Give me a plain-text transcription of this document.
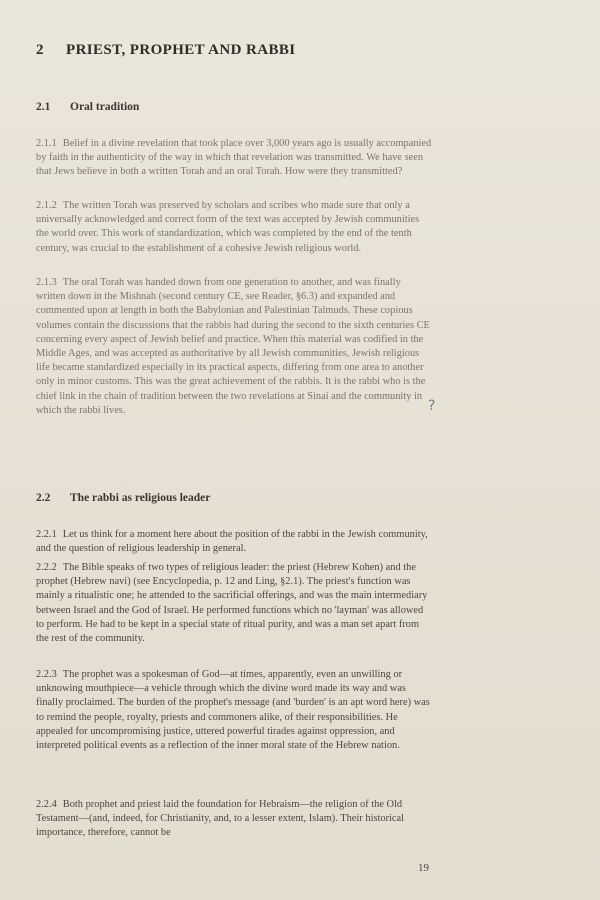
2 PRIEST, PROPHET AND RABBI
2.1 Oral tradition
2.1.1 Belief in a divine revelation that took place over 3,000 years ago is usually accompanied by faith in the authenticity of the way in which that revelation was transmitted. We have seen that Jews believe in both a written Torah and an oral Torah. How were they transmitted?
2.1.2 The written Torah was preserved by scholars and scribes who made sure that only a universally acknowledged and correct form of the text was accepted by Jewish communities the world over. This work of standardization, which was completed by the end of the tenth century, was crucial to the establishment of a cohesive Jewish religious world.
2.1.3 The oral Torah was handed down from one generation to another, and was finally written down in the Mishnah (second century CE, see Reader, §6.3) and expanded and commented upon at length in both the Babylonian and Palestinian Talmuds. These copious volumes contain the discussions that the rabbis had during the second to the sixth centuries CE concerning every aspect of Jewish belief and practice. When this material was codified in the Middle Ages, and was accepted as authoritative by all Jewish communities, Jewish religious life became standardized especially in its practical aspects, differing from one area to another only in minor customs. This was the great achievement of the rabbis. It is the rabbi who is the chief link in the chain of tradition between the two revelations at Sinai and the community in which the rabbi lives.	?
2.2 The rabbi as religious leader
2.2.1 Let us think for a moment here about the position of the rabbi in the Jewish community, and the question of religious leadership in general.
2.2.2 The Bible speaks of two types of religious leader: the priest (Hebrew Kohen) and the prophet (Hebrew navi) (see Encyclopedia, p. 12 and Ling, §2.1). The priest's function was mainly a ritualistic one; he attended to the sacrificial offerings, and was the main intermediary between Israel and the God of Israel. He performed functions which no 'layman' was allowed to perform. He had to be kept in a special state of ritual purity, and was a man set apart from the rest of the community.
2.2.3 The prophet was a spokesman of God—at times, apparently, even an unwilling or unknowing mouthpiece—a vehicle through which the divine word made its way and was finally proclaimed. The burden of the prophet's message (and 'burden' is an apt word here) was to remind the people, royalty, priests and commoners alike, of their responsibilities. He appealed for uncompromising justice, uttered powerful tirades against oppression, and interpreted political events as a reflection of the inner moral state of the Hebrew nation.
2.2.4 Both prophet and priest laid the foundation for Hebraism—the religion of the Old Testament—(and, indeed, for Christianity, and, to a lesser extent, Islam). Their historical importance, therefore, cannot be
19
